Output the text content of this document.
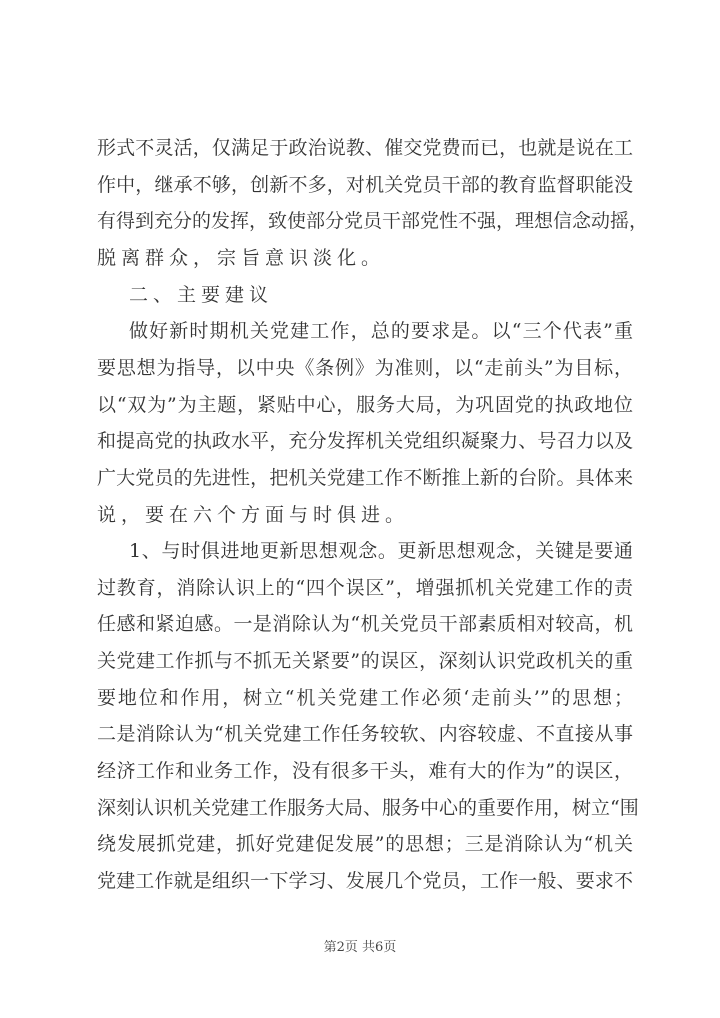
形式不灵活，仅满足于政治说教、催交党费而已，也就是说在工
作中，继承不够，创新不多，对机关党员干部的教育监督职能没
有得到充分的发挥，致使部分党员干部党性不强，理想信念动摇，
脱离群众，宗旨意识淡化。
二、主要建议
做好新时期机关党建工作，总的要求是。以“三个代表”重
要思想为指导，以中央《条例》为准则，以“走前头”为目标，
以“双为”为主题，紧贴中心，服务大局，为巩固党的执政地位
和提高党的执政水平，充分发挥机关党组织凝聚力、号召力以及
广大党员的先进性，把机关党建工作不断推上新的台阶。具体来
说，要在六个方面与时俱进。
1、与时俱进地更新思想观念。更新思想观念，关键是要通
过教育，消除认识上的“四个误区”，增强抓机关党建工作的责
任感和紧迫感。一是消除认为“机关党员干部素质相对较高，机
关党建工作抓与不抓无关紧要”的误区，深刻认识党政机关的重
要地位和作用，树立“机关党建工作必须‘走前头’”的思想；
二是消除认为“机关党建工作任务较软、内容较虚、不直接从事
经济工作和业务工作，没有很多干头，难有大的作为”的误区，
深刻认识机关党建工作服务大局、服务中心的重要作用，树立“围
绕发展抓党建，抓好党建促发展”的思想；三是消除认为“机关
党建工作就是组织一下学习、发展几个党员，工作一般、要求不
第2页 共6页
